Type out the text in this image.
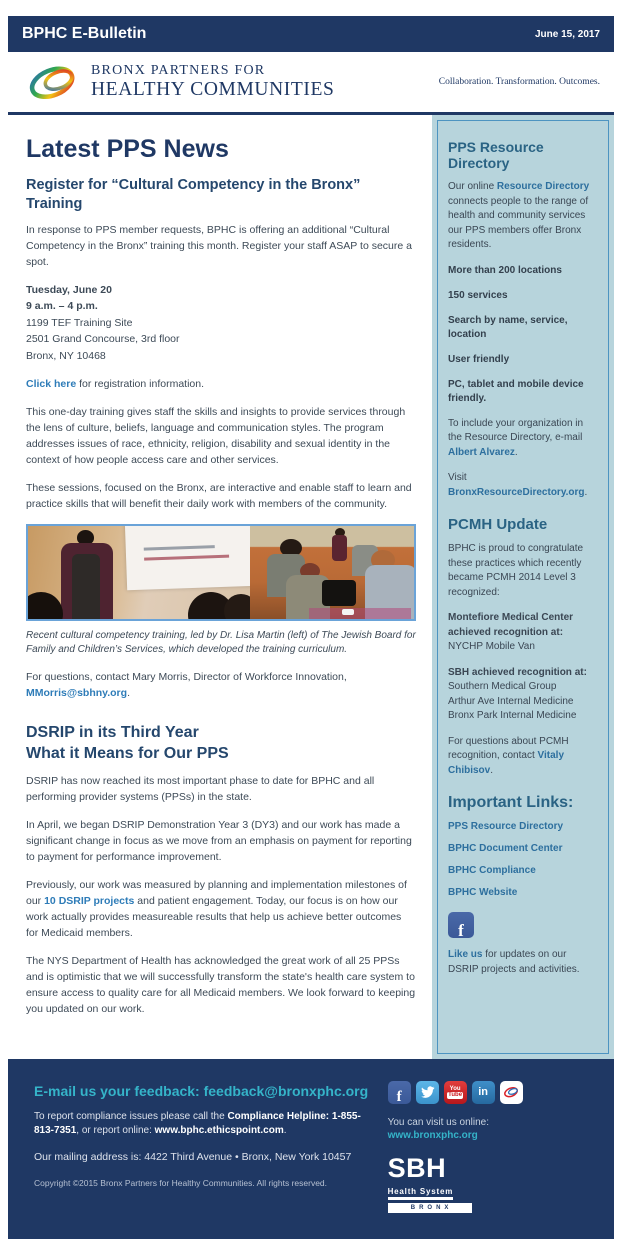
BPHC E-Bulletin	June 15, 2017
BRONX PARTNERS FOR
HEALTHY COMMUNITIES	Collaboration. Transformation. Outcomes.
Latest PPS News
Register for “Cultural Competency in the Bronx” Training

In response to PPS member requests, BPHC is offering an additional “Cultural Competency in the Bronx” training this month. Register your staff ASAP to secure a spot.

Tuesday, June 20

9 a.m. – 4 p.m.

1199 TEF Training Site

2501 Grand Concourse, 3rd floor

Bronx, NY 10468

Click here for registration information.

This one-day training gives staff the skills and insights to provide services through the lens of culture, beliefs, language and communication styles. The program addresses issues of race, ethnicity, religion, disability and sexual identity in the context of how people access care and other services.

These sessions, focused on the Bronx, are interactive and enable staff to learn and practice skills that will benefit their daily work with members of the community.

Recent cultural competency training, led by Dr. Lisa Martin (left) of The Jewish Board for Family and Children’s Services, which developed the training curriculum.

For questions, contact Mary Morris, Director of Workforce Innovation,
MMorris@sbhny.org.

DSRIP in its Third Year
What it Means for Our PPS

DSRIP has now reached its most important phase to date for BPHC and all performing provider systems (PPSs) in the state.

In April, we began DSRIP Demonstration Year 3 (DY3) and our work has made a significant change in focus as we move from an emphasis on payment for reporting to payment for performance improvement.

Previously, our work was measured by planning and implementation milestones of our 10 DSRIP projects and patient engagement. Today, our focus is on how our work actually provides measureable results that help us achieve better outcomes for Medicaid members.

The NYS Department of Health has acknowledged the great work of all 25 PPSs and is optimistic that we will successfully transform the state's health care system to ensure access to quality care for all Medicaid members. We look forward to keeping you updated on our work.

PPS Resource Directory

Our online Resource Directory connects people to the range of health and community services our PPS members offer Bronx residents.

More than 200 locations

150 services

Search by name, service, location

User friendly

PC, tablet and mobile device friendly.

To include your organization in the Resource Directory, e-mail Albert Alvarez.

Visit BronxResourceDirectory.org.

PCMH Update

BPHC is proud to congratulate these practices which recently became PCMH 2014 Level 3 recognized:

Montefiore Medical Center achieved recognition at:
NYCHP Mobile Van

SBH achieved recognition at:
Southern Medical Group
Arthur Ave Internal Medicine
Bronx Park Internal Medicine

For questions about PCMH recognition, contact Vitaly Chibisov.

Important Links:

PPS Resource Directory

BPHC Document Center

BPHC Compliance

BPHC Website

f

Like us for updates on our DSRIP projects and activities.

E-mail us your feedback: feedback@bronxphc.org

To report compliance issues please call the Compliance Helpline: 1-855-813-7351, or report online: www.bphc.ethicspoint.com.

Our mailing address is: 4422 Third Avenue • Bronx, New York 10457

Copyright ©2015 Bronx Partners for Healthy Communities. All rights reserved.

f	You
Tube in

You can visit us online:

www.bronxphc.org
SBH
Health System
BRONX
